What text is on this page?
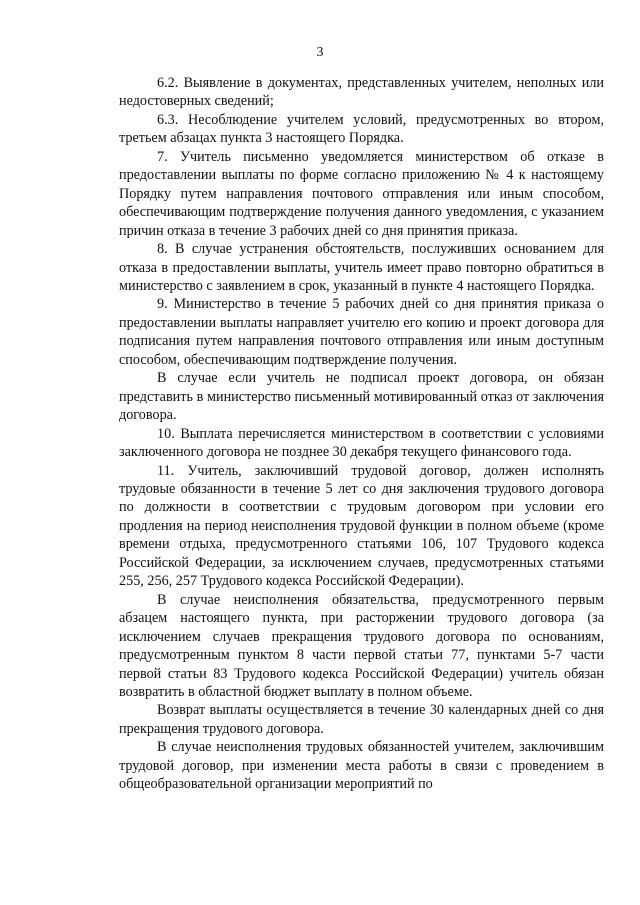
3

6.2. Выявление в документах, представленных учителем, неполных или недостоверных сведений;

6.3. Несоблюдение учителем условий, предусмотренных во втором, третьем абзацах пункта 3 настоящего Порядка.

7. Учитель письменно уведомляется министерством об отказе в предоставлении выплаты по форме согласно приложению № 4 к настоящему Порядку путем направления почтового отправления или иным способом, обеспечивающим подтверждение получения данного уведомления, с указанием причин отказа в течение 3 рабочих дней со дня принятия приказа.

8. В случае устранения обстоятельств, послуживших основанием для отказа в предоставлении выплаты, учитель имеет право повторно обратиться в министерство с заявлением в срок, указанный в пункте 4 настоящего Порядка.

9. Министерство в течение 5 рабочих дней со дня принятия приказа о предоставлении выплаты направляет учителю его копию и проект договора для подписания путем направления почтового отправления или иным доступным способом, обеспечивающим подтверждение получения.

В случае если учитель не подписал проект договора, он обязан представить в министерство письменный мотивированный отказ от заключения договора.

10. Выплата перечисляется министерством в соответствии с условиями заключенного договора не позднее 30 декабря текущего финансового года.

11. Учитель, заключивший трудовой договор, должен исполнять трудовые обязанности в течение 5 лет со дня заключения трудового договора по должности в соответствии с трудовым договором при условии его продления на период неисполнения трудовой функции в полном объеме (кроме времени отдыха, предусмотренного статьями 106, 107 Трудового кодекса Российской Федерации, за исключением случаев, предусмотренных статьями 255, 256, 257 Трудового кодекса Российской Федерации).

В случае неисполнения обязательства, предусмотренного первым абзацем настоящего пункта, при расторжении трудового договора (за исключением случаев прекращения трудового договора по основаниям, предусмотренным пунктом 8 части первой статьи 77, пунктами 5-7 части первой статьи 83 Трудового кодекса Российской Федерации) учитель обязан возвратить в областной бюджет выплату в полном объеме.

Возврат выплаты осуществляется в течение 30 календарных дней со дня прекращения трудового договора.

В случае неисполнения трудовых обязанностей учителем, заключившим трудовой договор, при изменении места работы в связи с проведением в общеобразовательной организации мероприятий по
